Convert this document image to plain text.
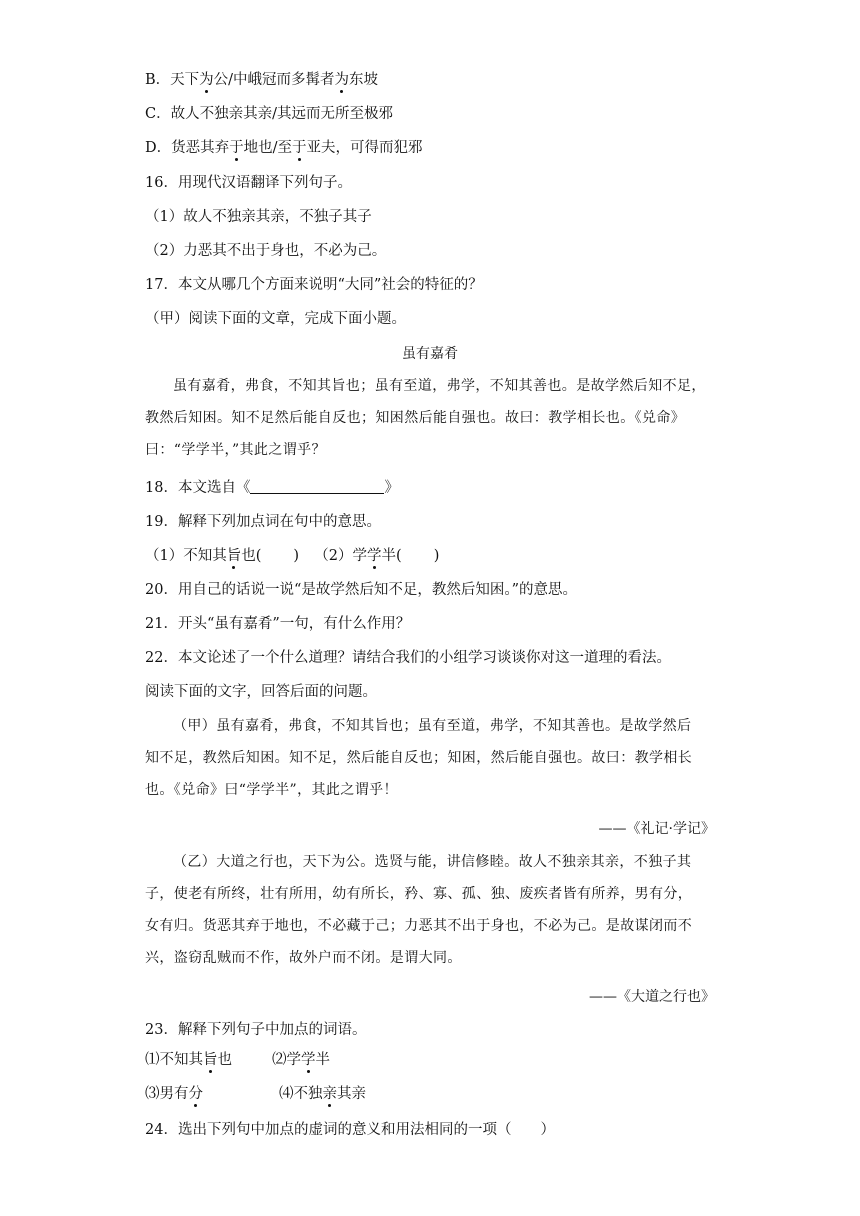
B．天下为公/中峨冠而多髯者为东坡
C．故人不独亲其亲/其远而无所至极邪
D．货恶其弃于地也/至于亚夫，可得而犯邪
16．用现代汉语翻译下列句子。
（1）故人不独亲其亲，不独子其子
（2）力恶其不出于身也，不必为己。
17．本文从哪几个方面来说明“大同”社会的特征的？
（甲）阅读下面的文章，完成下面小题。
虽有嘉肴
虽有嘉肴，弗食，不知其旨也；虽有至道，弗学，不知其善也。是故学然后知不足，
教然后知困。知不足然后能自反也；知困然后能自强也。故曰：教学相长也。《兑命》
曰：“学学半，”其此之谓乎？
18．本文选自《	》
19．解释下列加点词在句中的意思。
（1）不知其旨也( ) （2）学学半( )
20．用自己的话说一说“是故学然后知不足，教然后知困。”的意思。
21．开头“虽有嘉肴”一句，有什么作用？
22．本文论述了一个什么道理？请结合我们的小组学习谈谈你对这一道理的看法。
阅读下面的文字，回答后面的问题。
（甲）虽有嘉肴，弗食，不知其旨也；虽有至道，弗学，不知其善也。是故学然后
知不足，教然后知困。知不足，然后能自反也；知困，然后能自强也。故曰：教学相长
也。《兑命》曰“学学半”，其此之谓乎！
——《礼记·学记》
（乙）大道之行也，天下为公。选贤与能，讲信修睦。故人不独亲其亲，不独子其
子，使老有所终，壮有所用，幼有所长，矜、寡、孤、独、废疾者皆有所养，男有分，
女有归。货恶其弃于地也，不必藏于己；力恶其不出于身也，不必为己。是故谋闭而不
兴，盗窃乱贼而不作，故外户而不闭。是谓大同。
——《大道之行也》
23．解释下列句子中加点的词语。
⑴不知其旨也	⑵学学半
⑶男有分	⑷不独亲其亲
24．选出下列句中加点的虚词的意义和用法相同的一项（　　）
